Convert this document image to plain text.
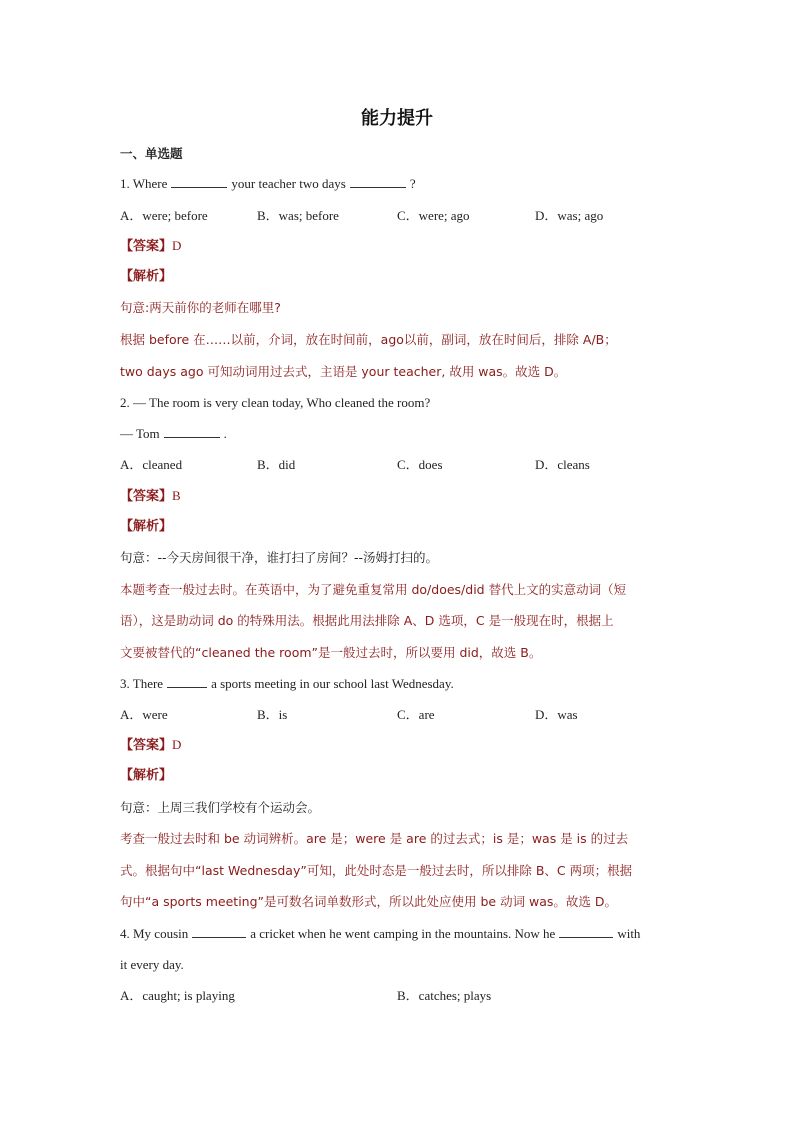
能力提升
一、单选题
1. Where	your teacher two days	?
A．were; before	B．was; before	C．were; ago	D．was; ago
【答案】D
【解析】
句意:两天前你的老师在哪里?
根据 before 在……以前，介词，放在时间前，ago以前，副词，放在时间后，排除 A/B；
two days ago 可知动词用过去式，主语是 your teacher, 故用 was。故选 D。
2. — The room is very clean today, Who cleaned the room?
— Tom	.
A．cleaned	B．did	C．does	D．cleans
【答案】B
【解析】
句意：--今天房间很干净，谁打扫了房间？--汤姆打扫的。
本题考查一般过去时。在英语中，为了避免重复常用 do/does/did 替代上文的实意动词（短
语），这是助动词 do 的特殊用法。根据此用法排除 A、D 选项，C 是一般现在时，根据上
文要被替代的“cleaned the room”是一般过去时，所以要用 did，故选 B。
3. There	a sports meeting in our school last Wednesday.
A．were	B．is	C．are	D．was
【答案】D
【解析】
句意：上周三我们学校有个运动会。
考查一般过去时和 be 动词辨析。are 是；were 是 are 的过去式；is 是；was 是 is 的过去
式。根据句中“last Wednesday”可知，此处时态是一般过去时，所以排除 B、C 两项；根据
句中“a sports meeting”是可数名词单数形式，所以此处应使用 be 动词 was。故选 D。
4. My cousin	a cricket when he went camping in the mountains. Now he	with
it every day.
A．caught; is playing	B．catches; plays
